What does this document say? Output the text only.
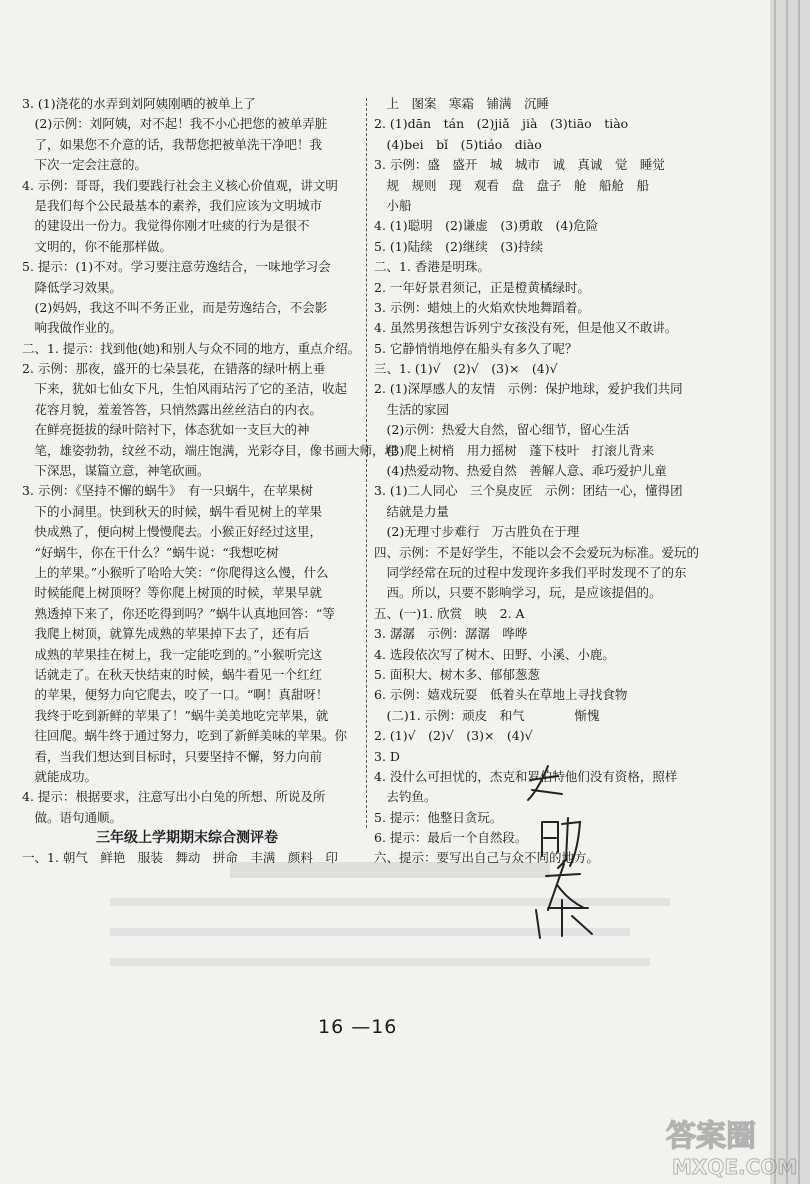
3. (1)浇花的水弄到刘阿姨刚晒的被单上了
　(2)示例：刘阿姨，对不起！我不小心把您的被单弄脏
　了，如果您不介意的话，我帮您把被单洗干净吧！我
　下次一定会注意的。
4. 示例：哥哥，我们要践行社会主义核心价值观，讲文明
　是我们每个公民最基本的素养，我们应该为文明城市
　的建设出一份力。我觉得你刚才吐痰的行为是很不
　文明的，你不能那样做。
5. 提示：(1)不对。学习要注意劳逸结合，一味地学习会
　降低学习效果。
　(2)妈妈，我这不叫不务正业，而是劳逸结合，不会影
　响我做作业的。
二、1. 提示：找到他(她)和别人与众不同的地方，重点介绍。
2. 示例：那夜，盛开的七朵昙花，在错落的绿叶柄上垂
　下来，犹如七仙女下凡，生怕风雨玷污了它的圣洁，收起
　花容月貌，羞羞答答，只悄然露出丝丝洁白的内衣。
　在鲜亮挺拔的绿叶陪衬下，体态犹如一支巨大的神
　笔，雄姿勃勃，纹丝不动，端庄饱满，光彩夺目，像书画大师，埋
　下深思，谋篇立意，神笔砍画。
3. 示例：《坚持不懈的蜗牛》　有一只蜗牛，在苹果树
　下的小洞里。快到秋天的时候，蜗牛看见树上的苹果
　快成熟了，便向树上慢慢爬去。小猴正好经过这里，
　“好蜗牛，你在干什么？”蜗牛说：“我想吃树
　上的苹果。”小猴听了哈哈大笑：“你爬得这么慢，什么
　时候能爬上树顶呀？等你爬上树顶的时候，苹果早就
　熟透掉下来了，你还吃得到吗？”蜗牛认真地回答：“等
　我爬上树顶，就算先成熟的苹果掉下去了，还有后
　成熟的苹果挂在树上，我一定能吃到的。”小猴听完这
　话就走了。在秋天快结束的时候，蜗牛看见一个红红
　的苹果，便努力向它爬去，咬了一口。“啊！真甜呀！
　我终于吃到新鲜的苹果了！”蜗牛美美地吃完苹果，就
　往回爬。蜗牛终于通过努力，吃到了新鲜美味的苹果。你
　看，当我们想达到目标时，只要坚持不懈，努力向前
　就能成功。
4. 提示：根据要求，注意写出小白兔的所想、所说及所
　做。语句通顺。
三年级上学期期末综合测评卷
一、1. 朝气　鲜艳　服装　舞动　拼命　丰满　颜料　印
　上　图案　寒霜　铺满　沉睡
2. (1)dān　tán　(2)jiǎ　jià　(3)tiāo　tiào
　(4)bei　bǐ　(5)tiáo　diào
3. 示例：盛　盛开　城　城市　诚　真诚　觉　睡觉
　规　规则　现　观看　盘　盘子　舱　船舱　船
　小船
4. (1)聪明　(2)谦虚　(3)勇敢　(4)危险
5. (1)陆续　(2)继续　(3)持续
二、1. 香港是明珠。
2. 一年好景君须记，正是橙黄橘绿时。
3. 示例：蜡烛上的火焰欢快地舞蹈着。
4. 虽然男孩想告诉列宁女孩没有死，但是他又不敢讲。
5. 它静悄悄地停在船头有多久了呢？
三、1. (1)√　(2)√　(3)×　(4)√
2. (1)深厚感人的友情　示例：保护地球，爱护我们共同
　生活的家园
　(2)示例：热爱大自然，留心细节，留心生活
　(3)爬上树梢　用力摇树　蓬下枝叶　打滚儿背来
　(4)热爱动物、热爱自然　善解人意、乖巧爱护儿童
3. (1)二人同心　三个臭皮匠　示例：团结一心，懂得团
　结就是力量
　(2)无理寸步难行　万古胜负在于理
四、示例：不是好学生，不能以会不会爱玩为标准。爱玩的
　同学经常在玩的过程中发现许多我们平时发现不了的东
　西。所以，只要不影响学习，玩，是应该提倡的。
五、(一)1. 欣赏　映　2. A
3. 潺潺　示例：潺潺　哗哗
4. 选段依次写了树木、田野、小溪、小鹿。
5. 面积大、树木多、郁郁葱葱
6. 示例：嬉戏玩耍　低着头在草地上寻找食物
　(二)1. 示例：顽皮　和气　　　　惭愧
2. (1)√　(2)√　(3)×　(4)√
3. D
4. 没什么可担忧的，杰克和罗伯特他们没有资格，照样
　去钓鱼。
5. 提示：他整日贪玩。
6. 提示：最后一个自然段。
六、提示：要写出自己与众不同的地方。
16 —16
答案圈
MXQE.COM
